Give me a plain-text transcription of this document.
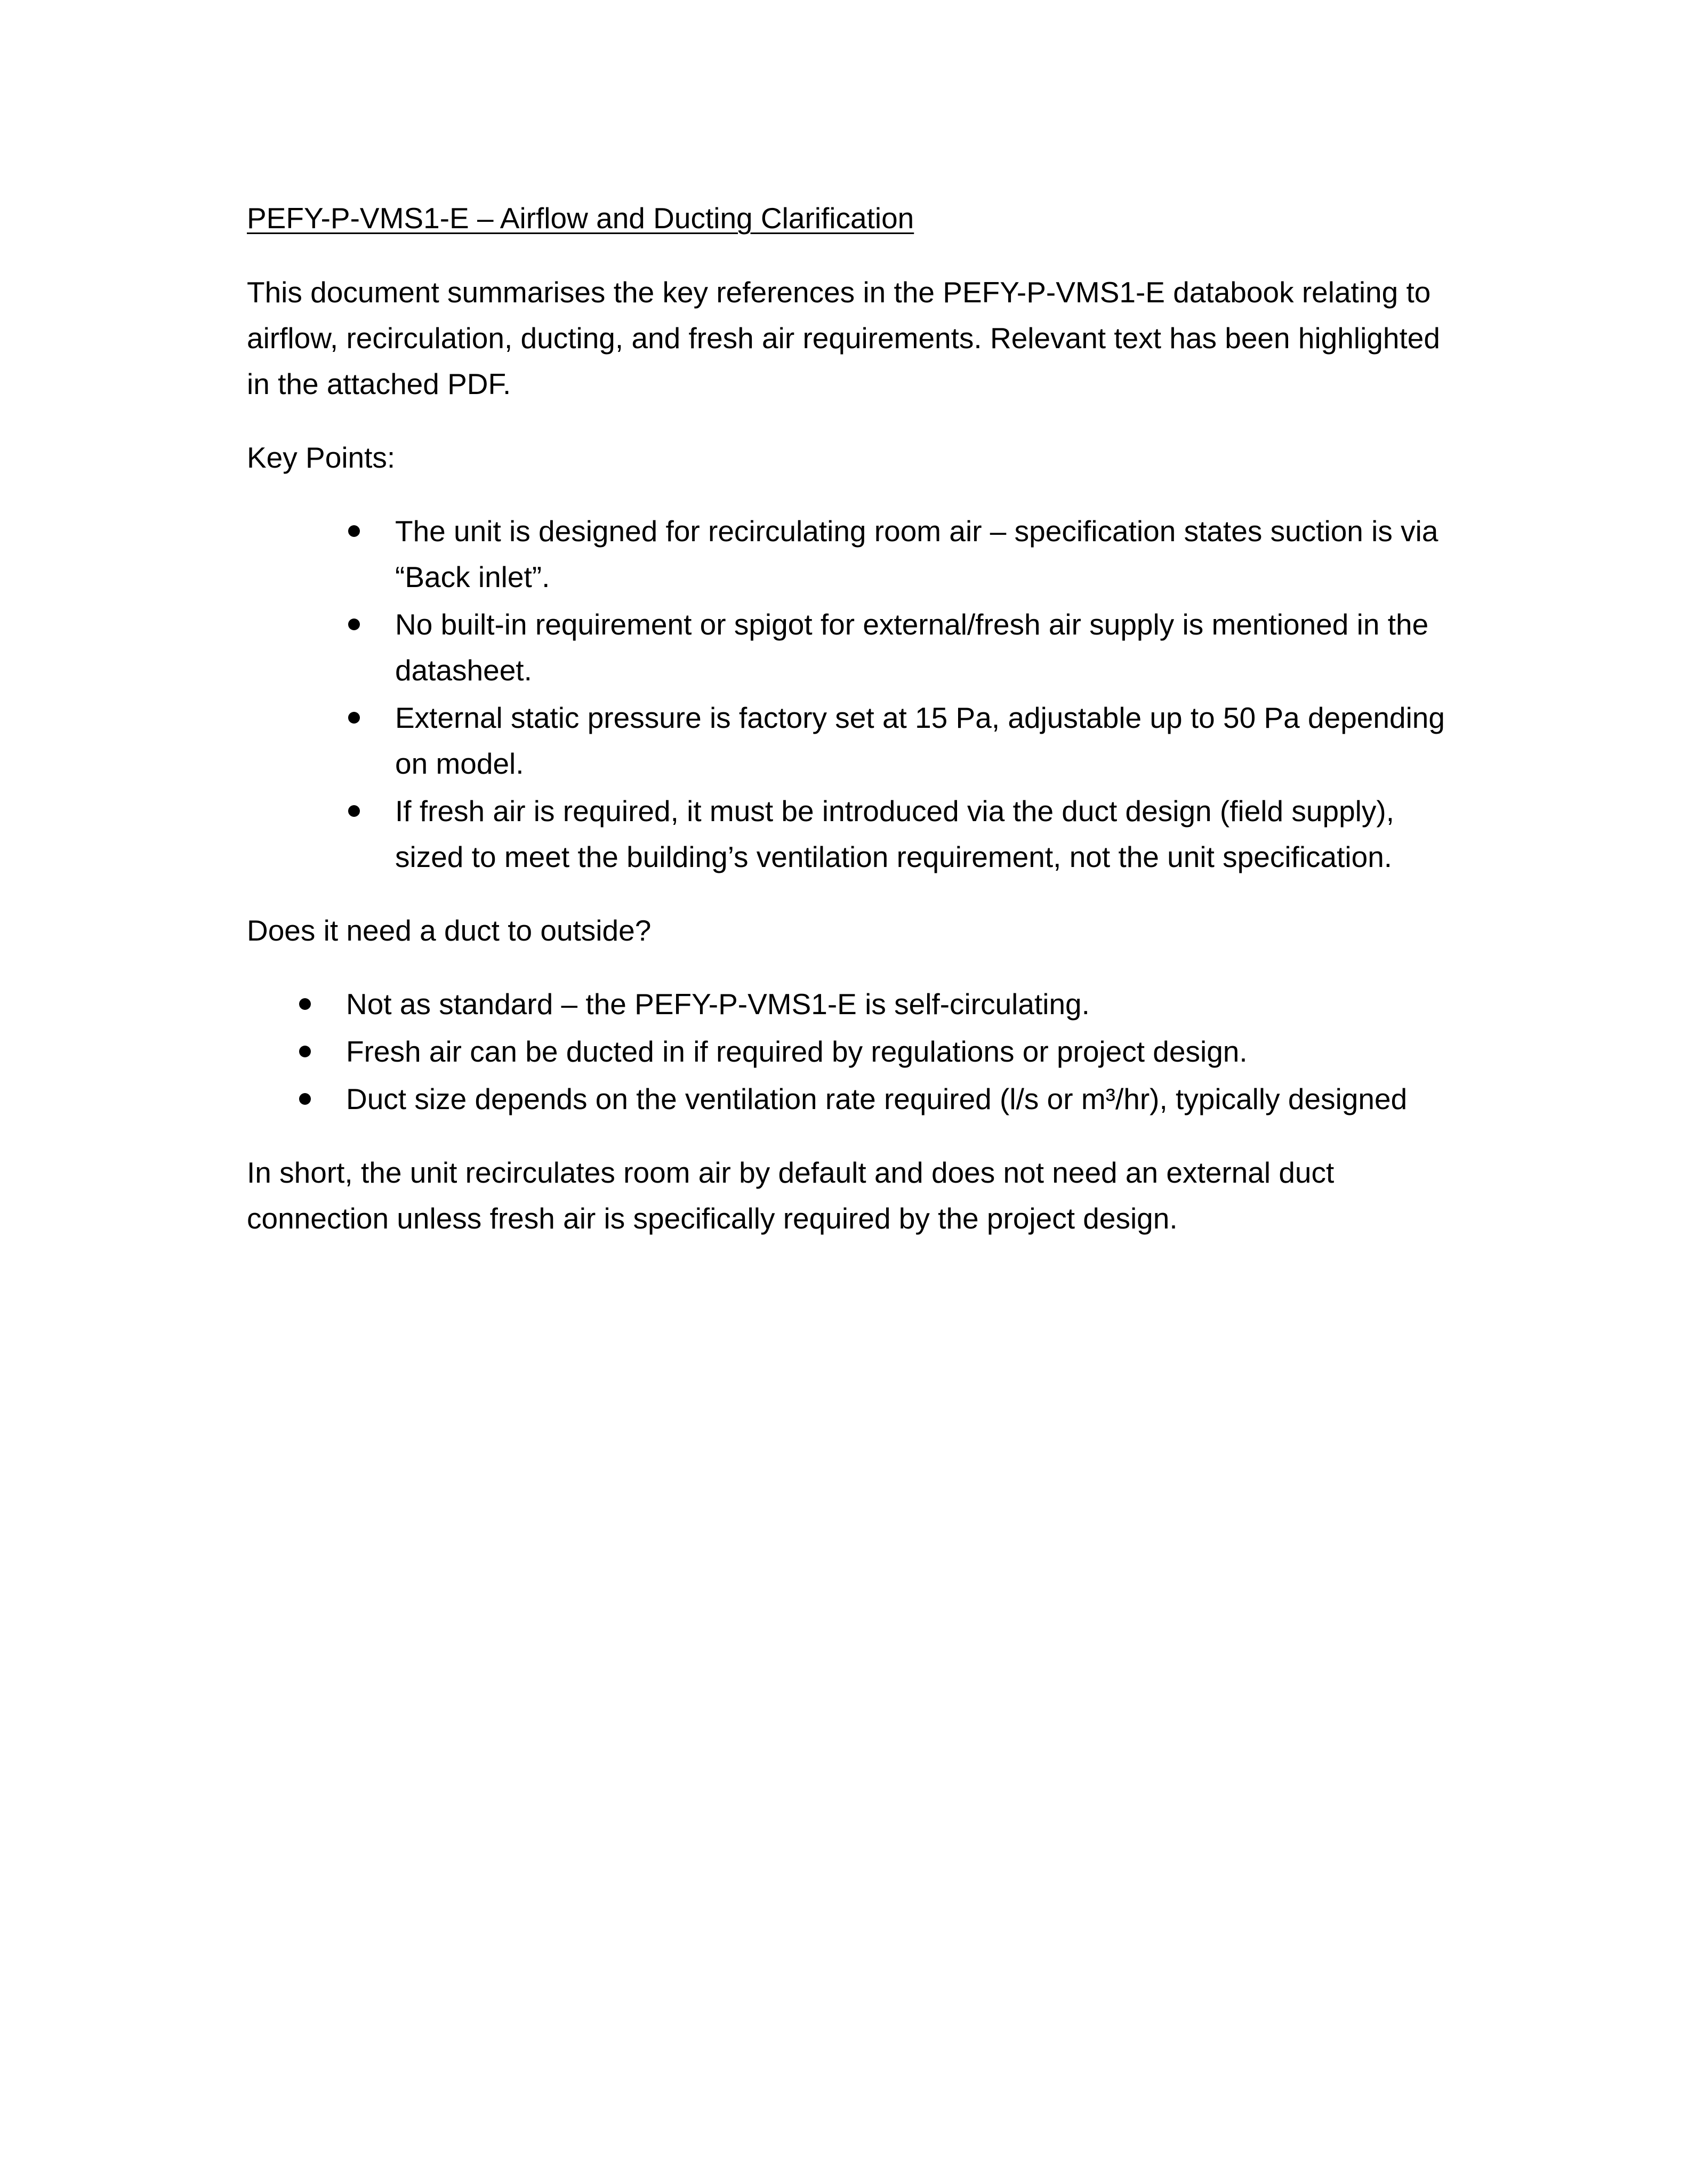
PEFY-P-VMS1-E – Airflow and Ducting Clarification

This document summarises the key references in the PEFY-P-VMS1-E databook relating to airflow, recirculation, ducting, and fresh air requirements. Relevant text has been highlighted in the attached PDF.

Key Points:
The unit is designed for recirculating room air – specification states suction is via “Back inlet”.
No built-in requirement or spigot for external/fresh air supply is mentioned in the datasheet.
External static pressure is factory set at 15 Pa, adjustable up to 50 Pa depending on model.
If fresh air is required, it must be introduced via the duct design (field supply), sized to meet the building’s ventilation requirement, not the unit specification.
Does it need a duct to outside?
Not as standard – the PEFY-P-VMS1-E is self-circulating.
Fresh air can be ducted in if required by regulations or project design.
Duct size depends on the ventilation rate required (l/s or m³/hr), typically designed

In short, the unit recirculates room air by default and does not need an external duct connection unless fresh air is specifically required by the project design.
